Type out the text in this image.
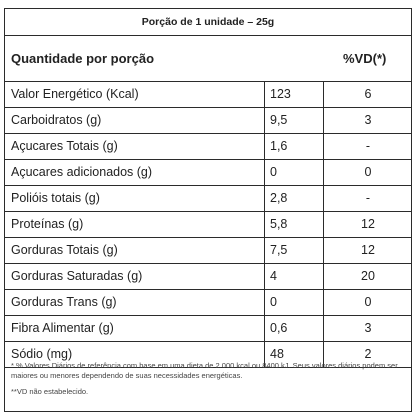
Porção de 1 unidade – 25g
Quantidade por porção	%VD(*)
Valor Energético (Kcal)	123	6
Carboidratos (g)	9,5	3
Açucares Totais (g)	1,6	-
Açucares adicionados (g)	0	0
Polióis totais (g)	2,8	-
Proteínas (g)	5,8	12
Gorduras Totais (g)	7,5	12
Gorduras Saturadas (g)	4	20
Gorduras Trans (g)	0	0
Fibra Alimentar (g)	0,6	3
Sódio (mg)	48	2
* % Valores Diários de referência com base em uma dieta de 2.000 kcal ou 8400 kJ. Seus valores diários podem ser maiores ou menores dependendo de suas necessidades energéticas.
**VD não estabelecido.
